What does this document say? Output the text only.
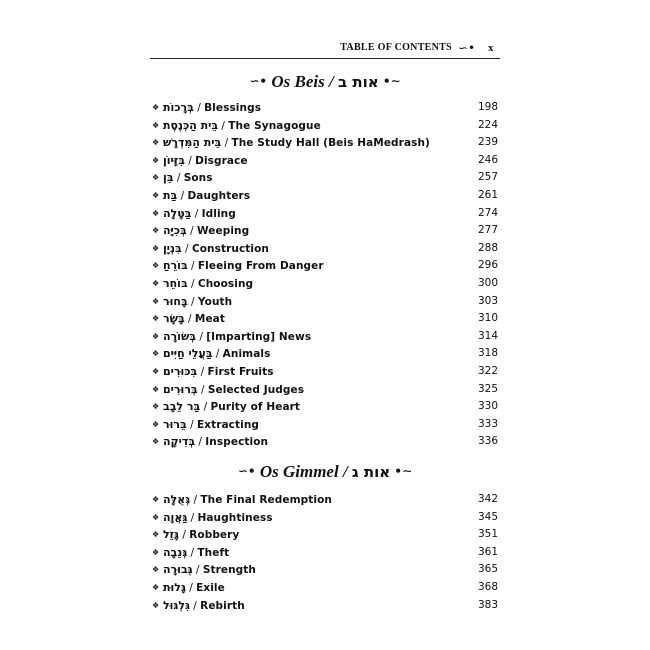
TABLE OF CONTENTS ∽• x
∽• Os Beis / אות ב •∼
❖ בְּרָכוֹת / Blessings	198
❖ בֵּית הַכְּנֶסֶת / The Synagogue	224
❖ בֵּית הַמִּדְרָשׁ / The Study Hall (Beis HaMedrash)	239
❖ בִּזָּיוֹן / Disgrace	246
❖ בֵּן / Sons	257
❖ בַּת / Daughters	261
❖ בַּטָּלָה / Idling	274
❖ בְּכִיָּה / Weeping	277
❖ בִּנְיָן / Construction	288
❖ בּוֹרֵחַ / Fleeing From Danger	296
❖ בּוֹחֵר / Choosing	300
❖ בָּחוּר / Youth	303
❖ בָּשָׂר / Meat	310
❖ בְּשׂוֹרָה / [Imparting] News	314
❖ בַּעֲלֵי חַיִּים / Animals	318
❖ בִּכּוּרִים / First Fruits	322
❖ בְּרוּרִים / Selected Judges	325
❖ בַּר לֵבָב / Purity of Heart	330
❖ בֵּרוּר / Extracting	333
❖ בְּדִיקָה / Inspection	336
∽• Os Gimmel / אות ג •∼
❖ גְּאֻלָּה / The Final Redemption	342
❖ גַּאֲוָה / Haughtiness	345
❖ גָּזֵל / Robbery	351
❖ גְּנֵבָה / Theft	361
❖ גְּבוּרָה / Strength	365
❖ גָּלוּת / Exile	368
❖ גִּלְגּוּל / Rebirth	383
